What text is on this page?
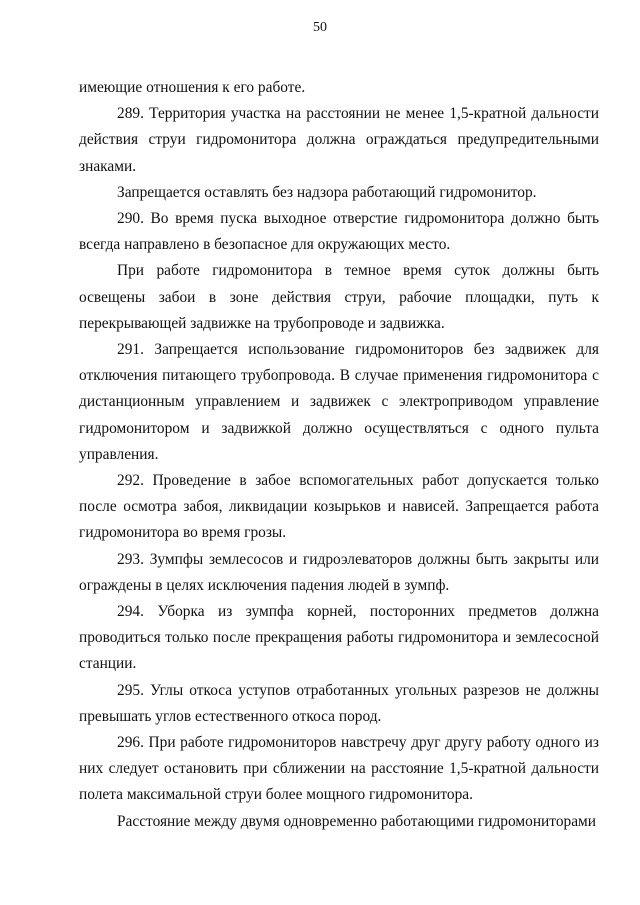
50

имеющие отношения к его работе.

289. Территория участка на расстоянии не менее 1,5-кратной дальности действия струи гидромонитора должна ограждаться предупредительными знаками.

Запрещается оставлять без надзора работающий гидромонитор.

290. Во время пуска выходное отверстие гидромонитора должно быть всегда направлено в безопасное для окружающих место.

При работе гидромонитора в темное время суток должны быть освещены забои в зоне действия струи, рабочие площадки, путь к перекрывающей задвижке на трубопроводе и задвижка.

291. Запрещается использование гидромониторов без задвижек для отключения питающего трубопровода. В случае применения гидромонитора с дистанционным управлением и задвижек с электроприводом управление гидромонитором и задвижкой должно осуществляться с одного пульта управления.

292. Проведение в забое вспомогательных работ допускается только после осмотра забоя, ликвидации козырьков и нависей. Запрещается работа гидромонитора во время грозы.

293. Зумпфы землесосов и гидроэлеваторов должны быть закрыты или ограждены в целях исключения падения людей в зумпф.

294. Уборка из зумпфа корней, посторонних предметов должна проводиться только после прекращения работы гидромонитора и землесосной станции.

295. Углы откоса уступов отработанных угольных разрезов не должны превышать углов естественного откоса пород.

296. При работе гидромониторов навстречу друг другу работу одного из них следует остановить при сближении на расстояние 1,5-кратной дальности полета максимальной струи более мощного гидромонитора.

Расстояние между двумя одновременно работающими гидромониторами
